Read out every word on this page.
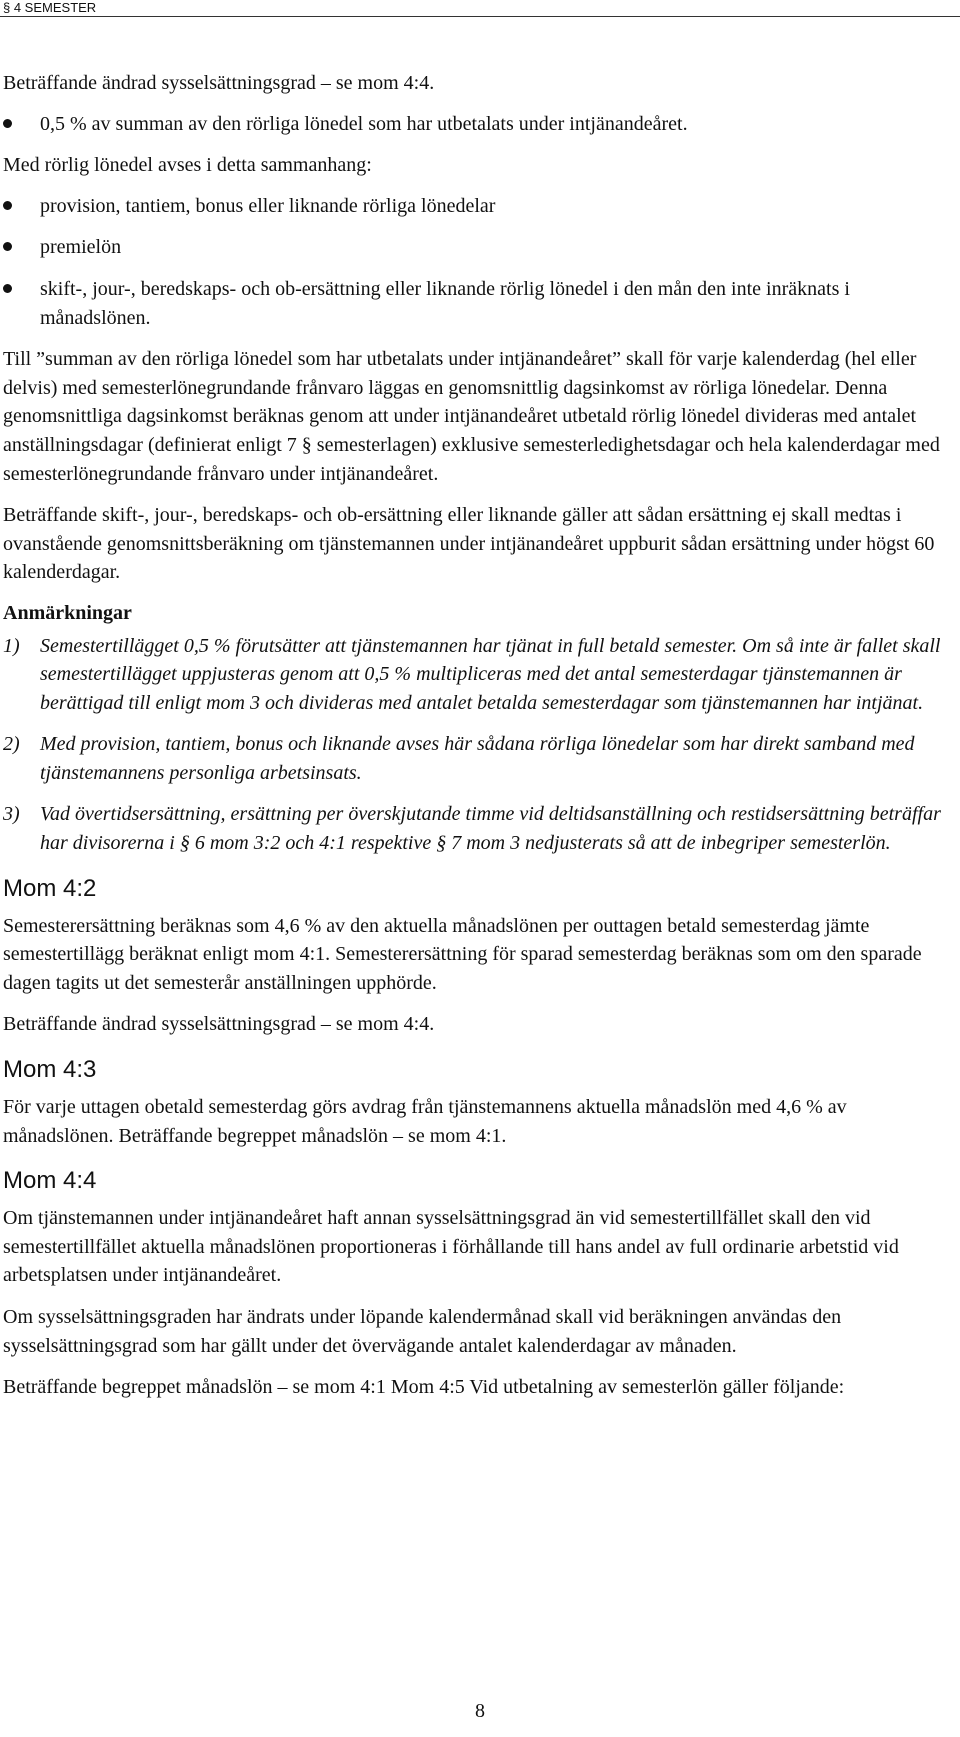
§ 4 SEMESTER

Beträffande ändrad sysselsättningsgrad – se mom 4:4.

0,5 % av summan av den rörliga lönedel som har utbetalats under intjänandeåret.

Med rörlig lönedel avses i detta sammanhang:

provision, tantiem, bonus eller liknande rörliga lönedelar
premielön
skift-, jour-, beredskaps- och ob-ersättning eller liknande rörlig lönedel i den mån den inte inräknats i månadslönen.

Till ”summan av den rörliga lönedel som har utbetalats under intjänandeåret” skall för varje kalenderdag (hel eller delvis) med semesterlönegrundande frånvaro läggas en genomsnittlig dagsinkomst av rörliga lönedelar. Denna genomsnittliga dagsinkomst beräknas genom att under intjänandeåret utbetald rörlig lönedel divideras med antalet anställningsdagar (definierat enligt 7 § semesterlagen) exklusive semesterledighetsdagar och hela kalenderdagar med semesterlönegrundande frånvaro under intjänandeåret.

Beträffande skift-, jour-, beredskaps- och ob-ersättning eller liknande gäller att sådan ersättning ej skall medtas i ovanstående genomsnittsberäkning om tjänstemannen under intjänandeåret uppburit sådan ersättning under högst 60 kalenderdagar.

Anmärkningar
1) Semestertillägget 0,5 % förutsätter att tjänstemannen har tjänat in full betald semester. Om så inte är fallet skall semestertillägget uppjusteras genom att 0,5 % multipliceras med det antal semesterdagar tjänstemannen är berättigad till enligt mom 3 och divideras med antalet betalda semesterdagar som tjänstemannen har intjänat.
2) Med provision, tantiem, bonus och liknande avses här sådana rörliga lönedelar som har direkt samband med tjänstemannens personliga arbetsinsats.
3) Vad övertidsersättning, ersättning per överskjutande timme vid deltidsanställning och restidsersättning beträffar har divisorerna i § 6 mom 3:2 och 4:1 respektive § 7 mom 3 nedjusterats så att de inbegriper semesterlön.
Mom 4:2

Semesterersättning beräknas som 4,6 % av den aktuella månadslönen per outtagen betald semesterdag jämte semestertillägg beräknat enligt mom 4:1. Semesterersättning för sparad semesterdag beräknas som om den sparade dagen tagits ut det semesterår anställningen upphörde.

Beträffande ändrad sysselsättningsgrad – se mom 4:4.

Mom 4:3

För varje uttagen obetald semesterdag görs avdrag från tjänstemannens aktuella månadslön med 4,6 % av månadslönen. Beträffande begreppet månadslön – se mom 4:1.

Mom 4:4

Om tjänstemannen under intjänandeåret haft annan sysselsättningsgrad än vid semestertillfället skall den vid semestertillfället aktuella månadslönen proportioneras i förhållande till hans andel av full ordinarie arbetstid vid arbetsplatsen under intjänandeåret.

Om sysselsättningsgraden har ändrats under löpande kalendermånad skall vid beräkningen användas den sysselsättningsgrad som har gällt under det övervägande antalet kalenderdagar av månaden.

Beträffande begreppet månadslön – se mom 4:1 Mom 4:5 Vid utbetalning av semesterlön gäller följande:

8
